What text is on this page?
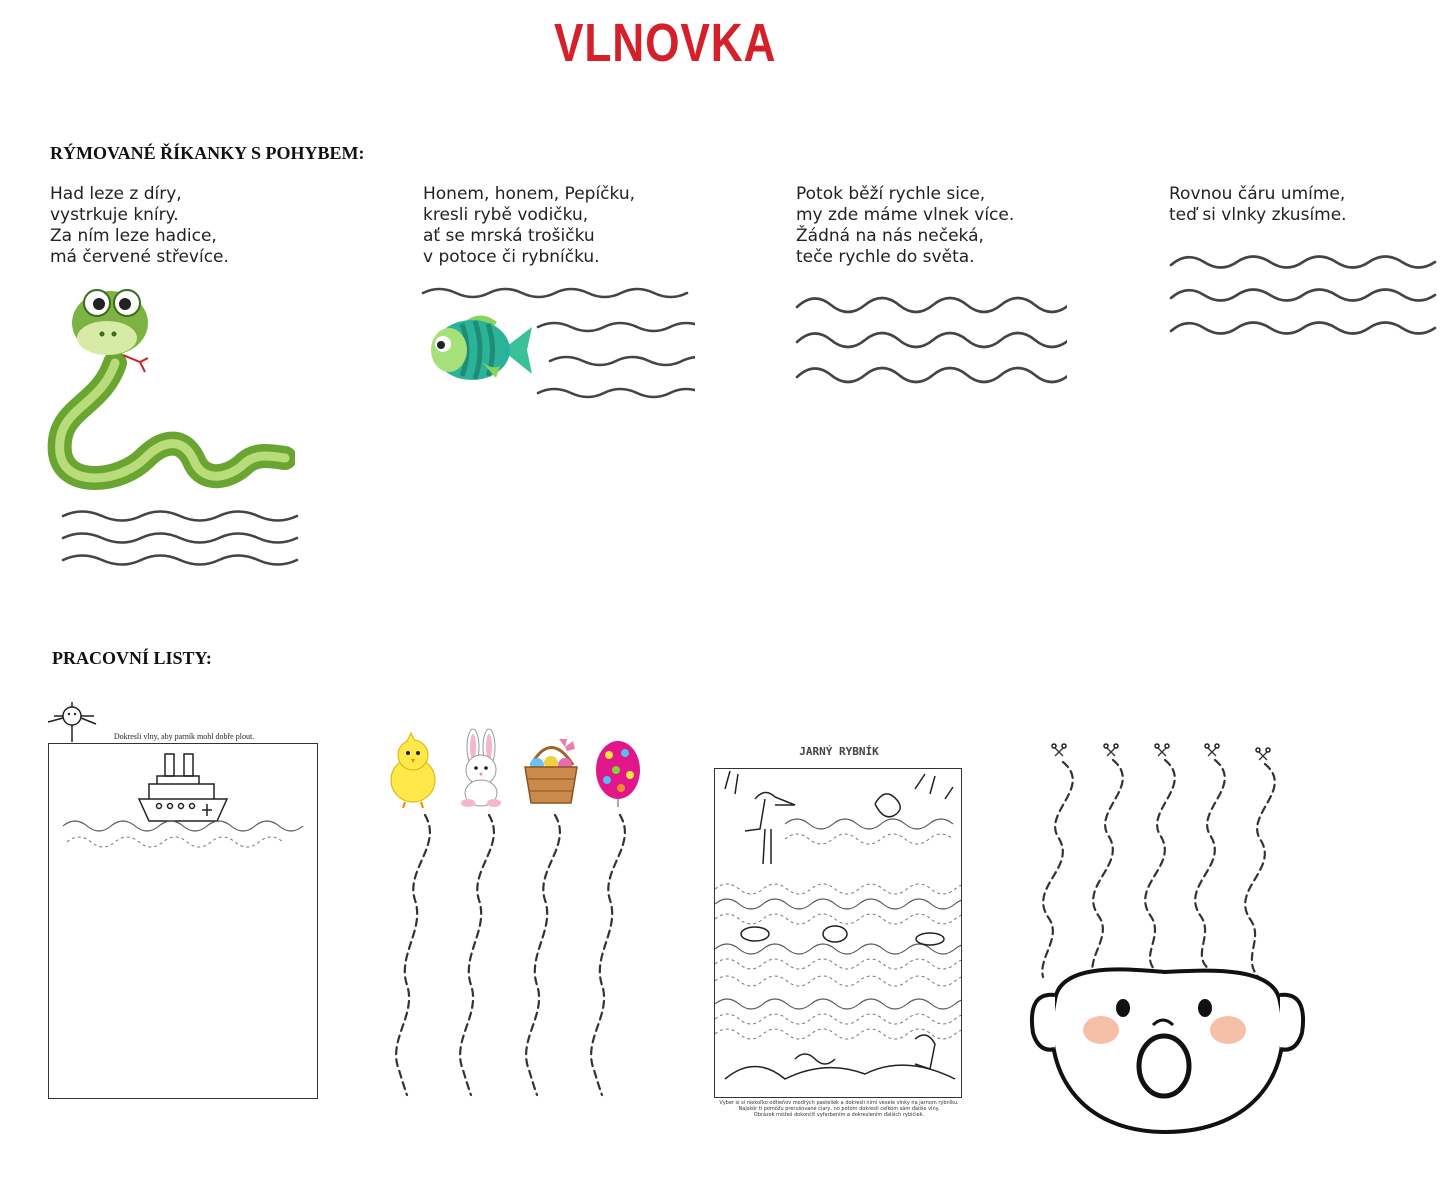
VLNOVKA
RÝMOVANÉ ŘÍKANKY S POHYBEM:
Had leze z díry,
vystrkuje kníry.
Za ním leze hadice,
má červené střevíce.
Honem, honem, Pepíčku,
kresli rybě vodičku,
ať se mrská trošičku
v potoce či rybníčku.
Potok běží rychle sice,
my zde máme vlnek více.
Žádná na nás nečeká,
teče rychle do světa.
Rovnou čáru umíme,
teď si vlnky zkusíme.
PRACOVNÍ LISTY:
Dokresli vlny, aby parník mohl dobře plout.
JARNÝ RYBNÍK
Vyber si si niekoľko odtieňov modrých pasteliek a dokresli nimi vesele vlnky na jarnom rybníku.
Najskôr ti pomôžu prerušované čiary, no potom dokresli celkom sám ďalšie vlny.
Obrázok môžeš dokončiť vyfarbením a dokreslením ďalších rybičiek.
